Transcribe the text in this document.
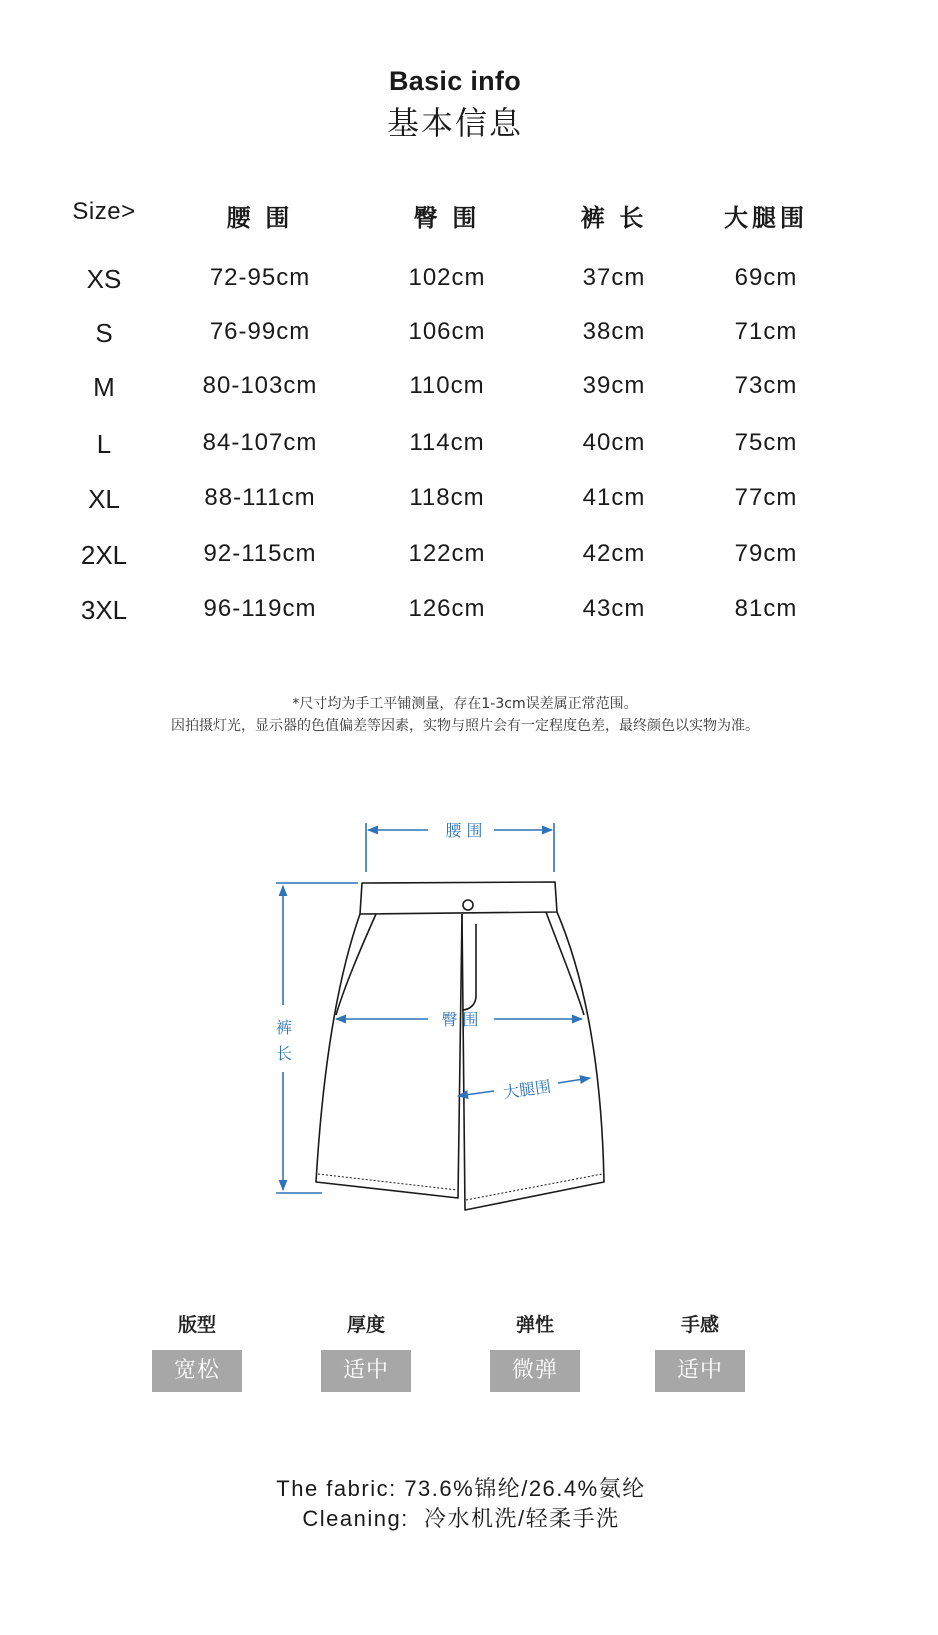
Basic info
基本信息
Size>	腰 围	臀 围	裤 长	大腿围
XS	72-95cm	102cm	37cm	69cm
S	76-99cm	106cm	38cm	71cm
M	80-103cm	110cm	39cm	73cm
L	84-107cm	114cm	40cm	75cm
XL	88-111cm	118cm	41cm	77cm
2XL	92-115cm	122cm	42cm	79cm
3XL	96-119cm	126cm	43cm	81cm
*尺寸均为手工平铺测量，存在1-3cm误差属正常范围。
因拍摄灯光，显示器的色值偏差等因素，实物与照片会有一定程度色差，最终颜色以实物为准。
腰 围
臀 围
裤
长
大腿围
版型
宽松
厚度
适中
弹性
微弹
手感
适中
The fabric: 73.6%锦纶/26.4%氨纶
Cleaning:  冷水机洗/轻柔手洗
